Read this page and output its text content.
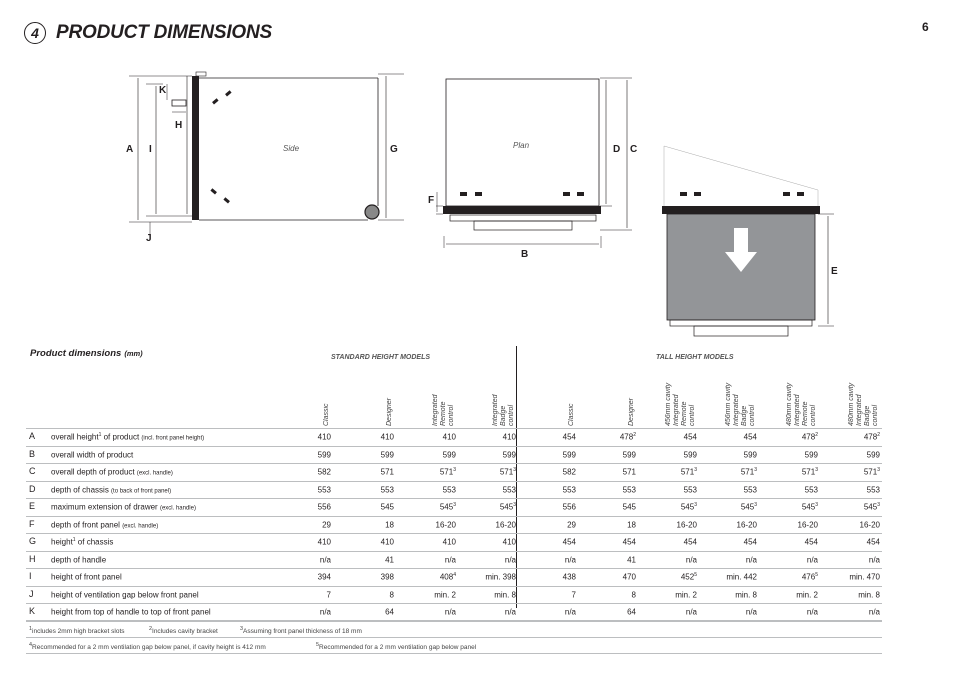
4 PRODUCT DIMENSIONS	6
A I
K
H
G
J
Side	D C
F
B
Plan
E
Product dimensions (mm)	STANDARD HEIGHT MODELS	TALL HEIGHT MODELS
Classic	Designer	Integrated
Remote
control	Integrated
Badge
control	Classic	Designer	456mm cavity
Integrated
Remote
control	456mm cavity
Integrated
Badge
control	480mm cavity
Integrated
Remote
control	480mm cavity
Integrated
Badge
control
A overall height$^1$ of product (incl. front panel height)	410	410	410	410	454	$478^2$	454	454	$478^2$	$478^2$
B overall width of product	599	599	599	599	599	599	599	599	599	599
C overall depth of product (excl. handle)	582	571	$571^3$	$571^3$	582	571	$571^3$	$571^3$	$571^3$	$571^3$
D depth of chassis (to back of front panel)	553	553	553	553	553	553	553	553	553	553
E maximum extension of drawer (excl. handle)	556	545	$545^3$	$545^3$	556	545	$545^3$	$545^3$	$545^3$	$545^3$
F depth of front panel (excl. handle)	29	18	16-20	16-20	29	18	16-20	16-20	16-20	16-20
G height$^1$ of chassis	410	410	410	410	454	454	454	454	454	454
H depth of handle	n/a	41	n/a	n/a	n/a	41	n/a	n/a	n/a	n/a
I height of front panel	394	398	$408^4$	min. 398	438	470	$452^5$	min. 442	$476^5$	min. 470
J height of ventilation gap below front panel	7	8	min. 2	min. 8	7	8	min. 2	min. 8	min. 2	min. 8
K height from top of handle to top of front panel	n/a	64	n/a	n/a	n/a	64	n/a	n/a	n/a	n/a
$^1$includes 2mm high bracket slots	$^2$Includes cavity bracket	$^3$Assuming front panel thickness of 18 mm
$^4$Recommended for a 2 mm ventilation gap below panel, if cavity height is 412 mm	$^5$Recommended for a 2 mm ventilation gap below panel
